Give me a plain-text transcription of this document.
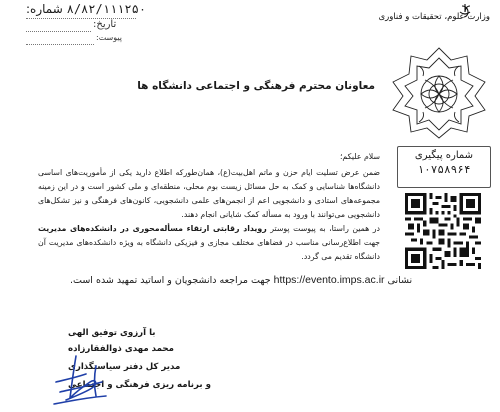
۸/۸۲/۱۱۱۲۵۰ شماره:
تاریخ:
پیوست:
وزارت علوم، تحقیقات و فناوری
معاونان محترم فرهنگی و اجتماعی دانشگاه ها
سلام علیکم؛

ضمن عرض تسلیت ایام حزن و ماتم اهل‌بیت(ع)، همان‌طورکه اطلاع دارید یکی از مأموریت‌های اساسی دانشگاه‌ها شناسایی و کمک به حل مسائل زیست بوم محلی، منطقه‌ای و ملی کشور است و در این زمینه مجموعه‌های استادی و دانشجویی اعم از انجمن‌های علمی دانشجویی، کانون‌های فرهنگی و نیز تشکل‌های دانشجویی می‌توانند با ورود به مسأله کمک شایانی انجام دهند.

در همین راستا، به پیوست پوستر رویداد رقابتی ارتقاء مسأله‌محوری در دانشکده‌های مدیریت جهت اطلاع‌رسانی مناسب در فضاهای مختلف مجازی و فیزیکی دانشگاه به ویژه دانشکده‌های مدیریت آن دانشگاه تقدیم می گردد.

نشانی https://evento.imps.ac.ir جهت مراجعه دانشجویان و اساتید تمهید شده است.
شماره پیگیری
۱۰۷۵۸۹۶۴
با آرزوی توفیق الهی
محمد مهدی ذوالفقارزاده
مدیر کل دفتر سیاستگذاری
و برنامه ریزی فرهنگی و اجتماعی
